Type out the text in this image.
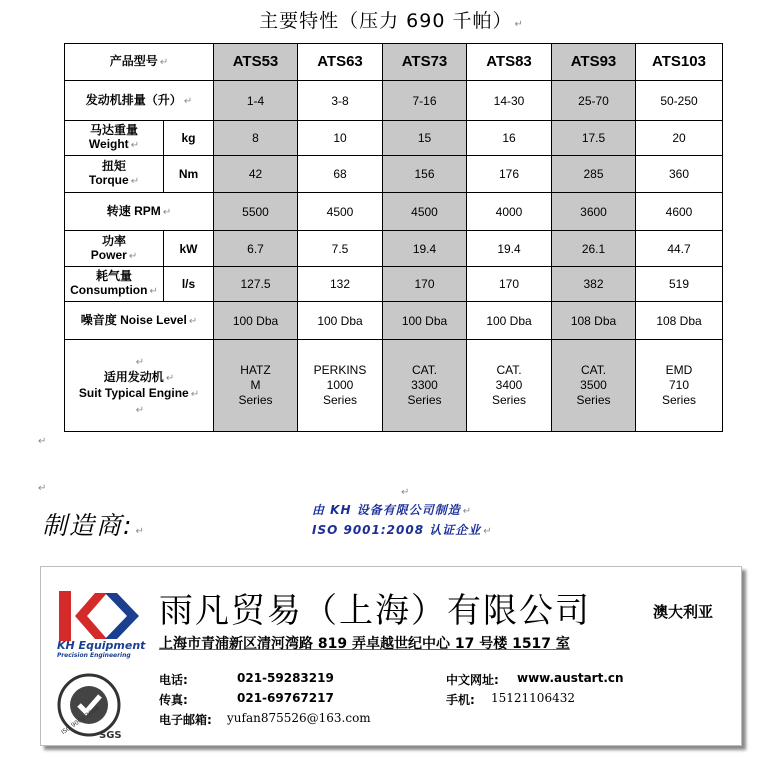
主要特性（压力 690 千帕） ↵
产品型号 ↵		ATS53	ATS63	ATS73	ATS83	ATS93	ATS103
发动机排量（升） ↵		1-4	3-8	7-16	14-30	25-70	50-250
马达重量
Weight ↵	kg	8	10	15	16	17.5	20
扭矩
Torque ↵	Nm	42	68	156	176	285	360
转速 RPM ↵		5500	4500	4500	4000	3600	4600
功率
Power ↵	kW	6.7	7.5	19.4	19.4	26.1	44.7
耗气量
Consumption ↵	l/s	127.5	132	170	170	382	519
噪音度 Noise Level ↵		100 Dba	100 Dba	100 Dba	100 Dba	108 Dba	108 Dba
↵
适用发动机 ↵
Suit Typical Engine ↵
↵		HATZ
M
Series	PERKINS
1000
Series	CAT.
3300
Series	CAT.
3400
Series	CAT.
3500
Series	EMD
710
Series
↵
↵	↵
制造商: ↵
由 KH 设备有限公司制造 ↵
ISO 9001:2008 认证企业 ↵
KH Equipment
Precision Engineering
ISO 9001:2008
SGS
雨凡贸易（上海）有限公司	澳大利亚
上海市青浦新区清河湾路 819 弄卓越世纪中心 17 号楼 1517 室
电话:	021-59283219
传真:	021-69767217
电子邮箱: yufan875526@163.com
中文网址: www.austart.cn
手机: 15121106432
